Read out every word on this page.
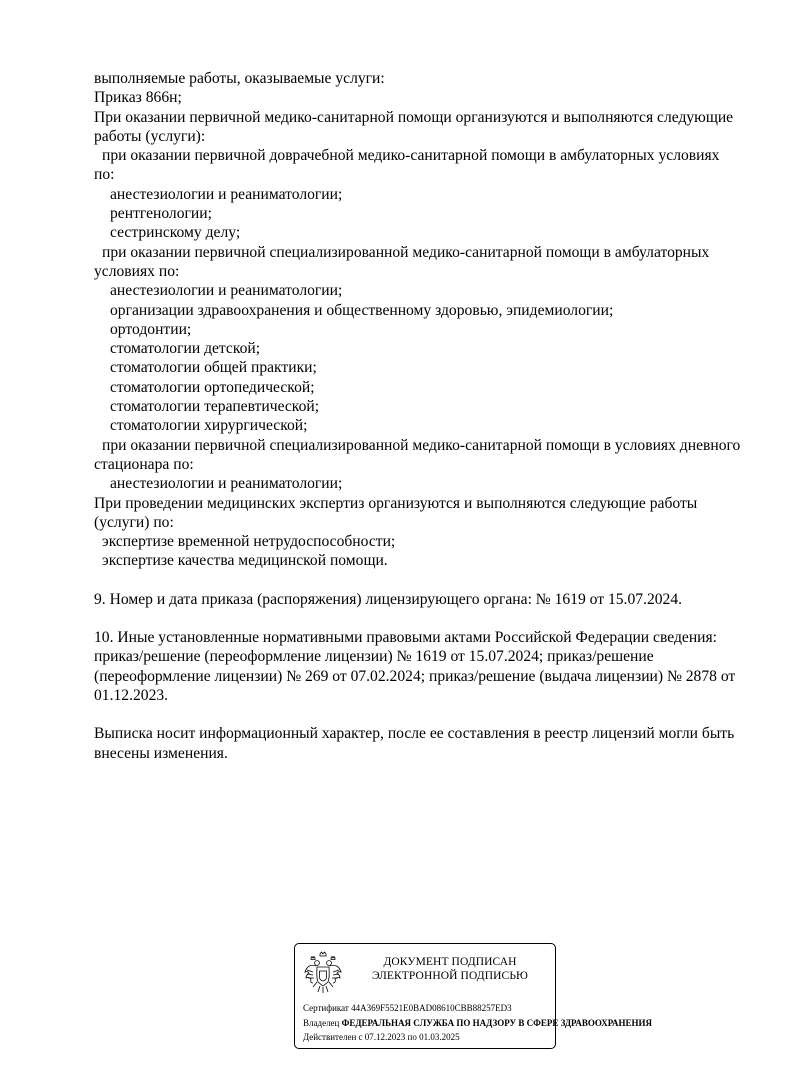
выполняемые работы, оказываемые услуги:
Приказ 866н;
При оказании первичной медико-санитарной помощи организуются и выполняются следующие
работы (услуги):
при оказании первичной доврачебной медико-санитарной помощи в амбулаторных условиях
по:
анестезиологии и реаниматологии;
рентгенологии;
сестринскому делу;
при оказании первичной специализированной медико-санитарной помощи в амбулаторных
условиях по:
анестезиологии и реаниматологии;
организации здравоохранения и общественному здоровью, эпидемиологии;
ортодонтии;
стоматологии детской;
стоматологии общей практики;
стоматологии ортопедической;
стоматологии терапевтической;
стоматологии хирургической;
при оказании первичной специализированной медико-санитарной помощи в условиях дневного
стационара по:
анестезиологии и реаниматологии;
При проведении медицинских экспертиз организуются и выполняются следующие работы
(услуги) по:
экспертизе временной нетрудоспособности;
экспертизе качества медицинской помощи.
9. Номер и дата приказа (распоряжения) лицензирующего органа: № 1619 от 15.07.2024.
10. Иные установленные нормативными правовыми актами Российской Федерации сведения:
приказ/решение (переоформление лицензии) № 1619 от 15.07.2024; приказ/решение
(переоформление лицензии) № 269 от 07.02.2024; приказ/решение (выдача лицензии) № 2878 от
01.12.2023.
Выписка носит информационный характер, после ее составления в реестр лицензий могли быть
внесены изменения.
ДОКУМЕНТ ПОДПИСАН
ЭЛЕКТРОННОЙ ПОДПИСЬЮ
Сертификат 44A369F5521E0BAD08610CBB88257ED3
Владелец ФЕДЕРАЛЬНАЯ СЛУЖБА ПО НАДЗОРУ В СФЕРЕ ЗДРАВООХРАНЕНИЯ
Действителен с 07.12.2023 по 01.03.2025
